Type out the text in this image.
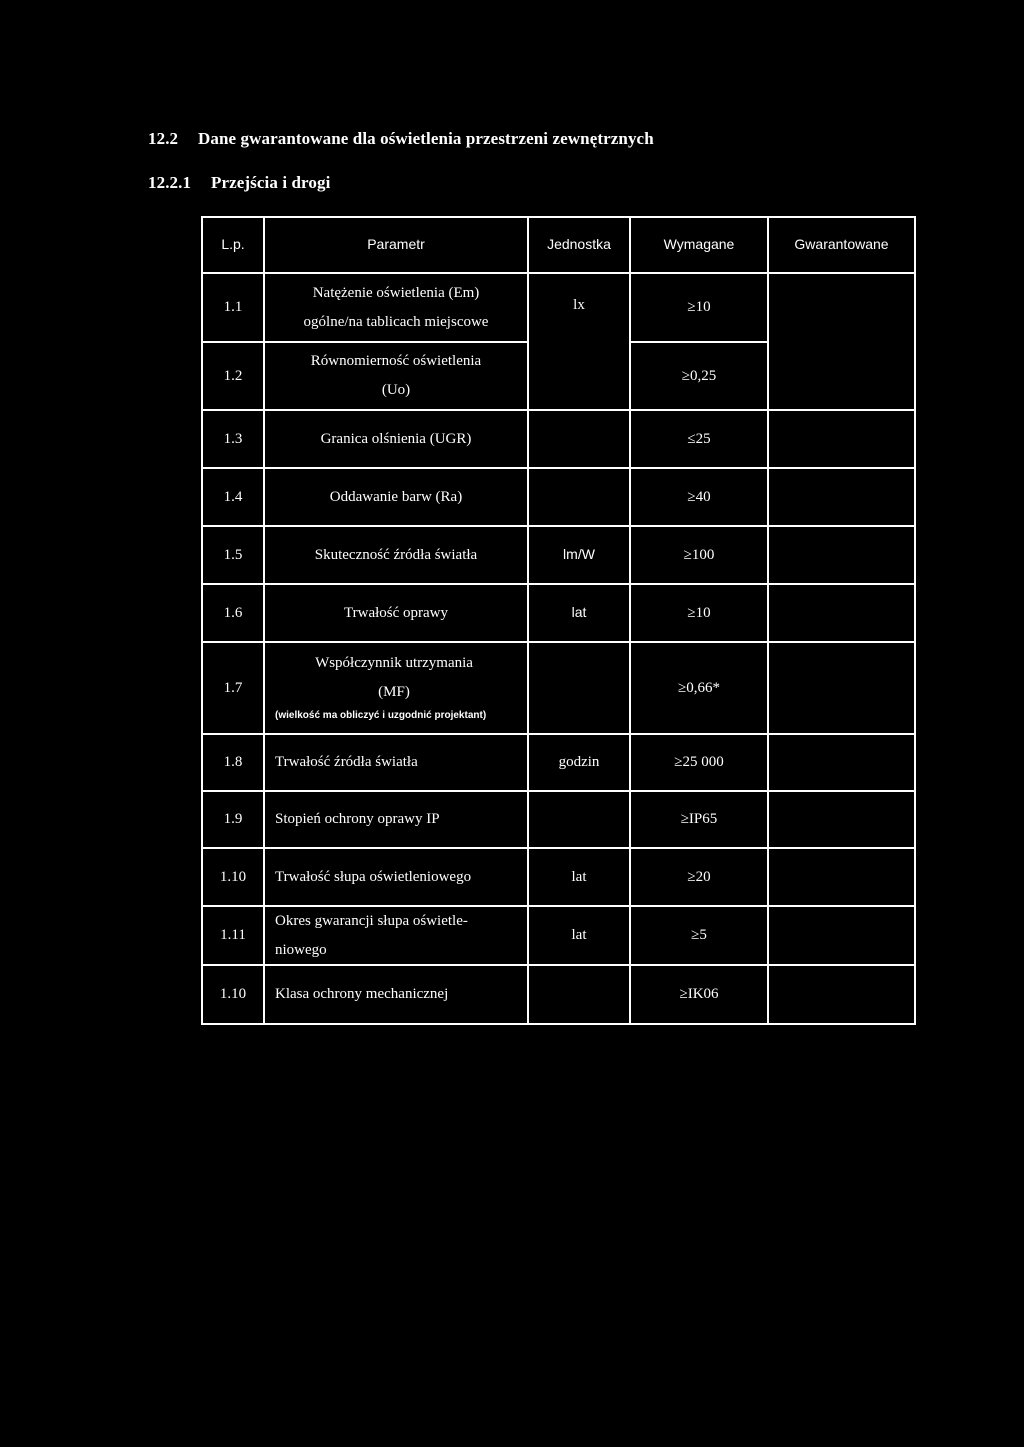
12.2 Dane gwarantowane dla oświetlenia przestrzeni zewnętrznych
12.2.1 Przejścia i drogi
L.p.	Parametr	Jednostka	Wymagane	Gwarantowane
1.1	Natężenie oświetlenia (Em)
ogólne/na tablicach miejscowe	lx	≥10	
1.2	Równomierność oświetlenia
(Uo)		≥0,25	
1.3	Granica olśnienia (UGR)		≤25	
1.4	Oddawanie barw (Ra)		≥40	
1.5	Skuteczność źródła światła	lm/W	≥100	
1.6	Trwałość oprawy	lat	≥10	
1.7	Współczynnik utrzymania
(MF)
(wielkość ma obliczyć i uzgodnić projektant)		≥0,66*	
1.8	Trwałość źródła światła	godzin	≥25 000	
1.9	Stopień ochrony oprawy IP		≥IP65	
1.10	Trwałość słupa oświetleniowego	lat	≥20	
1.11	Okres gwarancji słupa oświetle-
niowego	lat	≥5	
1.10	Klasa ochrony mechanicznej		≥IK06	
